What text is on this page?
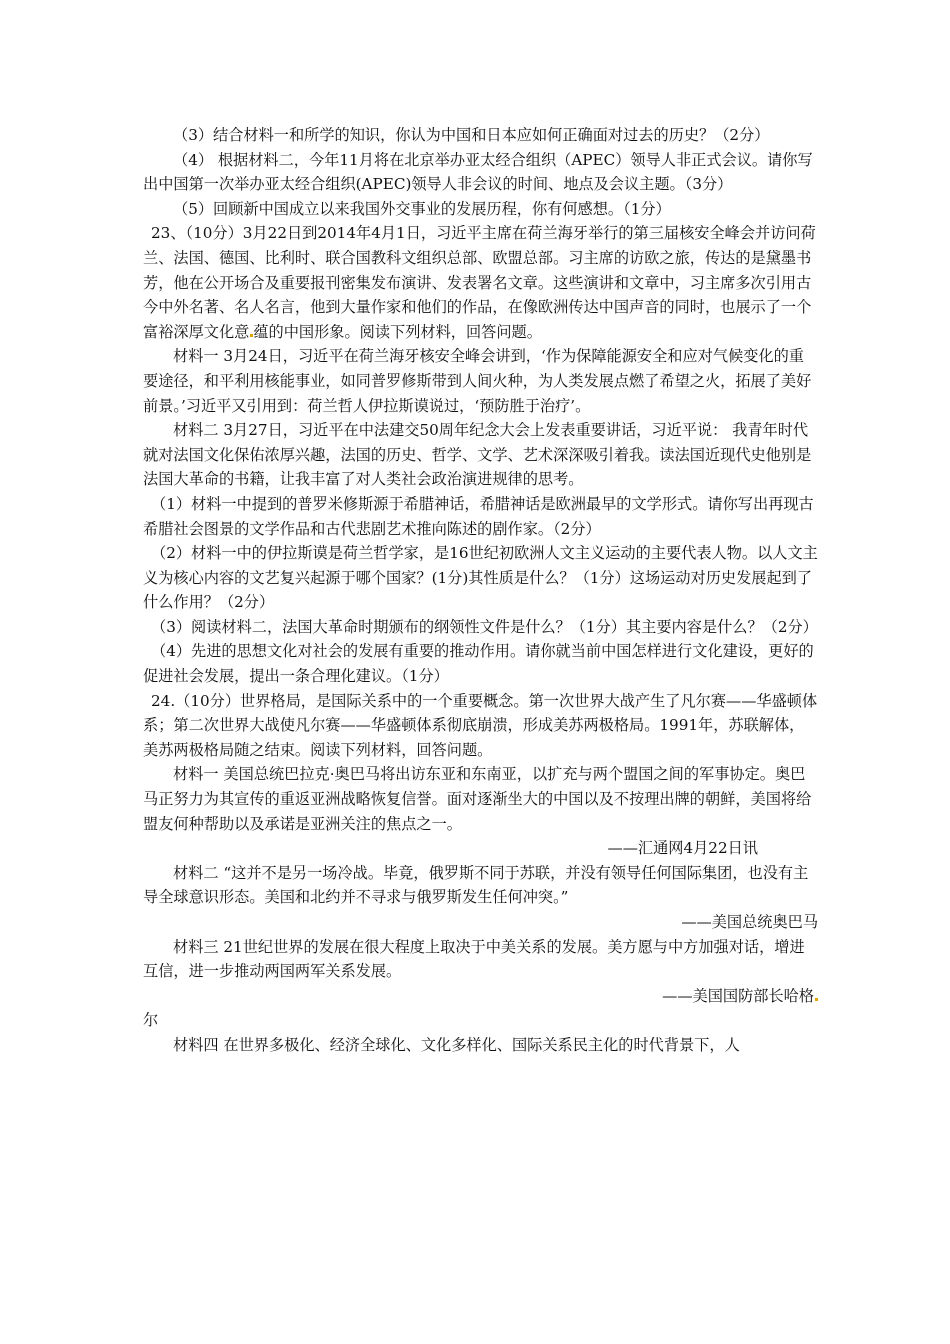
（3）结合材料一和所学的知识，你认为中国和日本应如何正确面对过去的历史？（2分）

（4） 根据材料二，今年11月将在北京举办亚太经合组织（APEC）领导人非正式会议。请你写出中国第一次举办亚太经合组织(APEC)领导人非会议的时间、地点及会议主题。（3分）

（5）回顾新中国成立以来我国外交事业的发展历程，你有何感想。（1分）

23、（10分）3月22日到2014年4月1日，习近平主席在荷兰海牙举行的第三届核安全峰会并访问荷兰、法国、德国、比利时、联合国教科文组织总部、欧盟总部。习主席的访欧之旅，传达的是黛墨书芳，他在公开场合及重要报刊密集发布演讲、发表署名文章。这些演讲和文章中，习主席多次引用古今中外名著、名人名言，他到大量作家和他们的作品，在像欧洲传达中国声音的同时，也展示了一个富裕深厚文化意 蕴的中国形象。阅读下列材料，回答问题。

材料一 3月24日，习近平在荷兰海牙核安全峰会讲到，‘作为保障能源安全和应对气候变化的重要途径，和平利用核能事业，如同普罗修斯带到人间火种，为人类发展点燃了希望之火，拓展了美好前景。’习近平又引用到：荷兰哲人伊拉斯谟说过，‘预防胜于治疗’。

材料二 3月27日，习近平在中法建交50周年纪念大会上发表重要讲话，习近平说： 我青年时代就对法国文化保佑浓厚兴趣，法国的历史、哲学、文学、艺术深深吸引着我。读法国近现代史他别是法国大革命的书籍，让我丰富了对人类社会政治演进规律的思考。

（1）材料一中提到的普罗米修斯源于希腊神话，希腊神话是欧洲最早的文学形式。请你写出再现古希腊社会图景的文学作品和古代悲剧艺术推向陈述的剧作家。（2分）

（2）材料一中的伊拉斯谟是荷兰哲学家，是16世纪初欧洲人文主义运动的主要代表人物。以人文主义为核心内容的文艺复兴起源于哪个国家？(1分)其性质是什么？（1分）这场运动对历史发展起到了什么作用？（2分）

（3）阅读材料二，法国大革命时期颁布的纲领性文件是什么？（1分）其主要内容是什么？（2分）

（4）先进的思想文化对社会的发展有重要的推动作用。请你就当前中国怎样进行文化建设，更好的促进社会发展，提出一条合理化建议。（1分）

24.（10分）世界格局，是国际关系中的一个重要概念。第一次世界大战产生了凡尔赛——华盛顿体系；第二次世界大战使凡尔赛——华盛顿体系彻底崩溃，形成美苏两极格局。1991年，苏联解体，美苏两极格局随之结束。阅读下列材料，回答问题。

材料一 美国总统巴拉克·奥巴马将出访东亚和东南亚，以扩充与两个盟国之间的军事协定。奥巴马正努力为其宣传的重返亚洲战略恢复信誉。面对逐渐坐大的中国以及不按理出牌的朝鲜，美国将给盟友何种帮助以及承诺是亚洲关注的焦点之一。

——汇通网4月22日讯

材料二 “这并不是另一场冷战。毕竟，俄罗斯不同于苏联，并没有领导任何国际集团，也没有主导全球意识形态。美国和北约并不寻求与俄罗斯发生任何冲突。”

——美国总统奥巴马

材料三 21世纪世界的发展在很大程度上取决于中美关系的发展。美方愿与中方加强对话，增进互信，进一步推动两国两军关系发展。

——美国国防部长哈格

尔

材料四 在世界多极化、经济全球化、文化多样化、国际关系民主化的时代背景下，人
